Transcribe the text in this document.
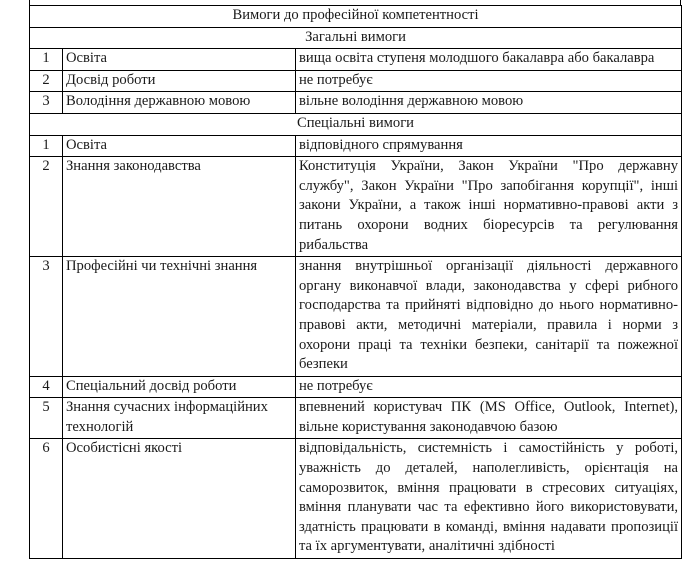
Вимоги до професійної компетентності		
Загальні вимоги		
1	Освіта	вища освіта ступеня молодшого бакалавра або бакалавра
2	Досвід роботи	не потребує
3	Володіння державною мовою	вільне володіння державною мовою
Спеціальні вимоги		
1	Освіта	відповідного спрямування
2	Знання законодавства	Конституція України, Закон України "Про державну службу", Закон України "Про запобігання корупції", інші закони України, а також інші нормативно-правові акти з питань охорони водних біоресурсів та регулювання рибальства
3	Професійні чи технічні знання	знання внутрішньої організації діяльності державного органу виконавчої влади, законодавства у сфері рибного господарства та прийняті відповідно до нього нормативно-правові акти, методичні матеріали, правила і норми з охорони праці та техніки безпеки, санітарії та пожежної безпеки
4	Спеціальний досвід роботи	не потребує
5	Знання сучасних інформаційних технологій	впевнений користувач ПК (MS Office, Outlook, Internet), вільне користування законодавчою базою
6	Особистісні якості	відповідальність, системність і самостійність у роботі, уважність до деталей, наполегливість, орієнтація на саморозвиток, вміння працювати в стресових ситуаціях, вміння планувати час та ефективно його використовувати, здатність працювати в команді, вміння надавати пропозиції та їх аргументувати, аналітичні здібності
